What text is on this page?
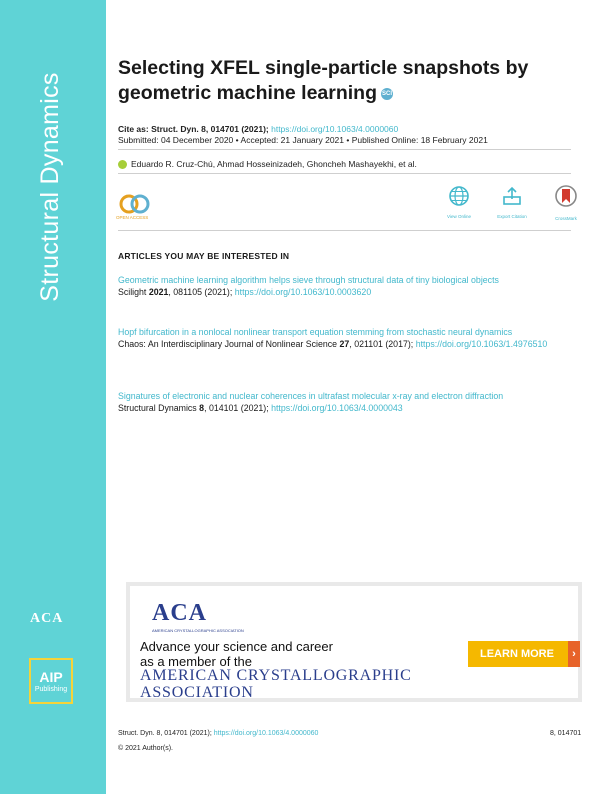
Structural Dynamics
ACA
AIP
Publishing
Selecting XFEL single-particle snapshots by geometric machine learning SCI
Cite as: Struct. Dyn. 8, 014701 (2021); https://doi.org/10.1063/4.0000060
Submitted: 04 December 2020 • Accepted: 21 January 2021 • Published Online: 18 February 2021
Eduardo R. Cruz-Chú, Ahmad Hosseinizadeh, Ghoncheh Mashayekhi, et al.
OPEN ACCESS	View Online	Export Citation	CrossMark
ARTICLES YOU MAY BE INTERESTED IN
Geometric machine learning algorithm helps sieve through structural data of tiny biological objects
Scilight 2021, 081105 (2021); https://doi.org/10.1063/10.0003620
Hopf bifurcation in a nonlocal nonlinear transport equation stemming from stochastic neural dynamics
Chaos: An Interdisciplinary Journal of Nonlinear Science 27, 021101 (2017); https://doi.org/10.1063/1.4976510
Signatures of electronic and nuclear coherences in ultrafast molecular x-ray and electron diffraction
Structural Dynamics 8, 014101 (2021); https://doi.org/10.1063/4.0000043
ACA
AMERICAN CRYSTALLOGRAPHIC ASSOCIATION
Advance your science and career
as a member of the
AMERICAN CRYSTALLOGRAPHIC
ASSOCIATION
LEARN MORE	›
Struct. Dyn. 8, 014701 (2021); https://doi.org/10.1063/4.0000060	8, 014701
© 2021 Author(s).
